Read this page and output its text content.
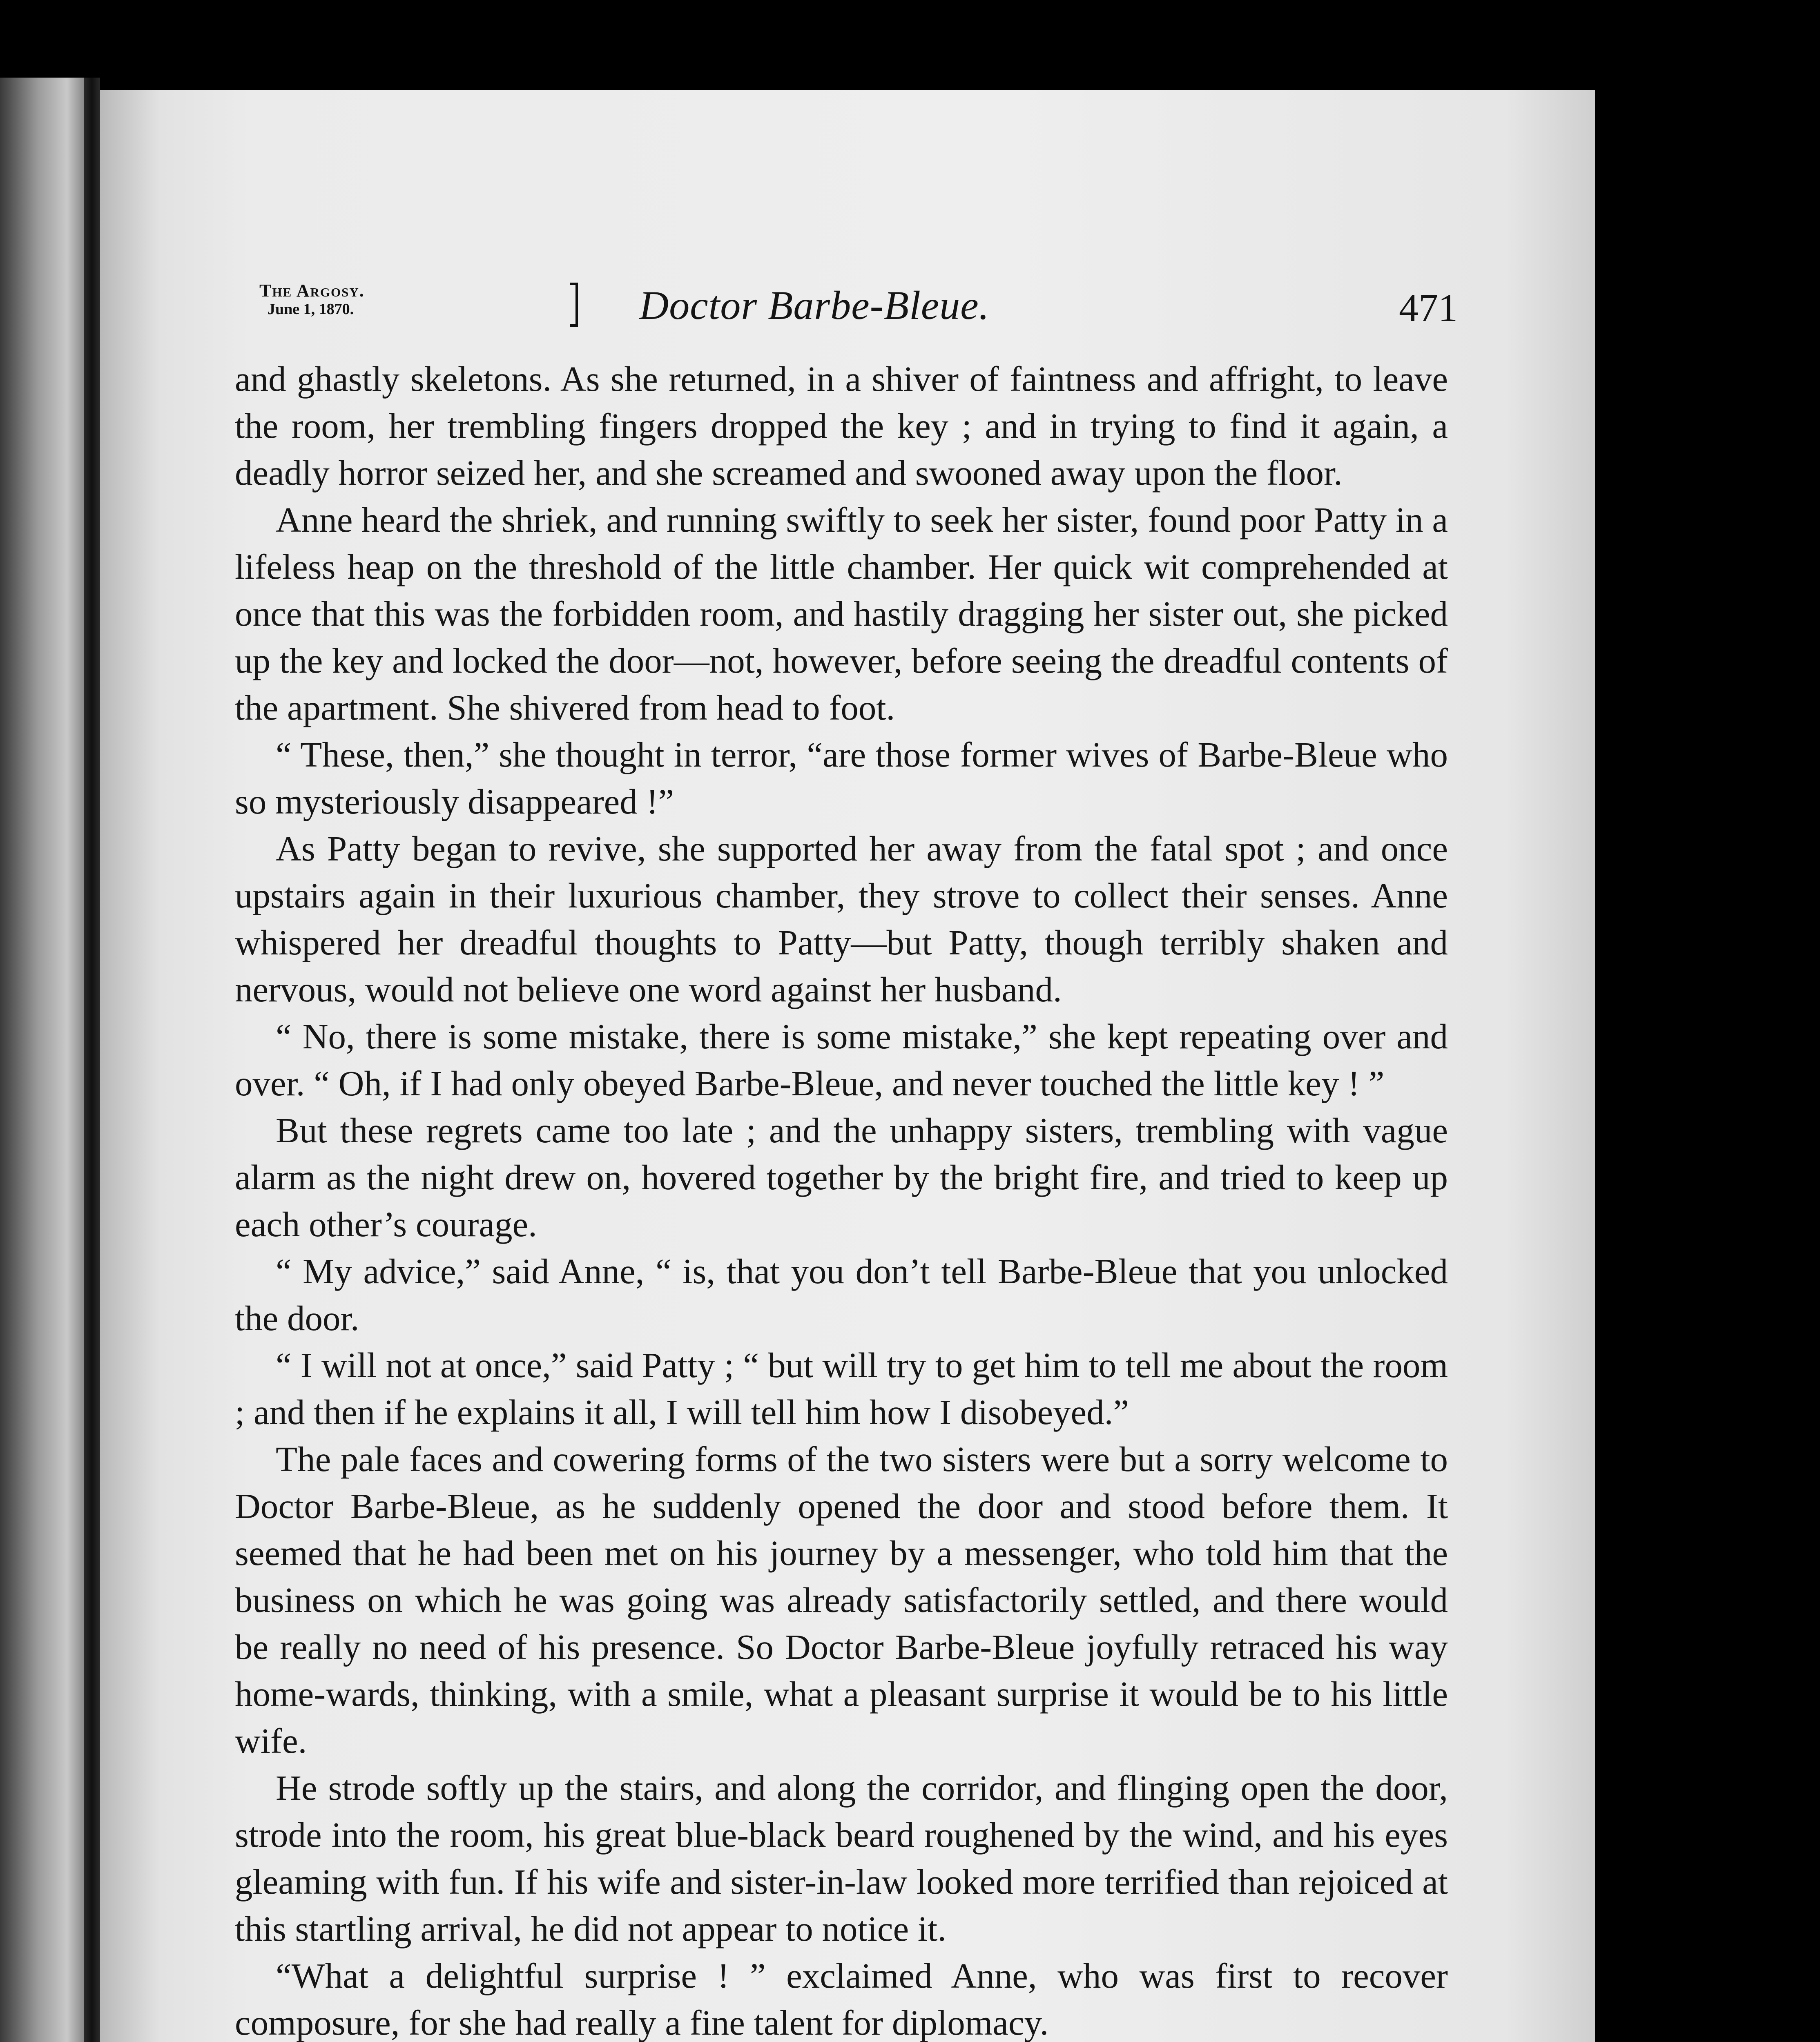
The Argosy.
June 1, 1870.	Doctor Barbe-Bleue.	471

and ghastly skeletons. As she returned, in a shiver of faintness and affright, to leave the room, her trembling fingers dropped the key ; and in trying to find it again, a deadly horror seized her, and she screamed and swooned away upon the floor.

Anne heard the shriek, and running swiftly to seek her sister, found poor Patty in a lifeless heap on the threshold of the little chamber. Her quick wit comprehended at once that this was the forbidden room, and hastily dragging her sister out, she picked up the key and locked the door—not, however, before seeing the dreadful contents of the apartment. She shivered from head to foot.

“ These, then,” she thought in terror, “are those former wives of Barbe-Bleue who so mysteriously disappeared !”

As Patty began to revive, she supported her away from the fatal spot ; and once upstairs again in their luxurious chamber, they strove to collect their senses. Anne whispered her dreadful thoughts to Patty—but Patty, though terribly shaken and nervous, would not believe one word against her husband.

“ No, there is some mistake, there is some mistake,” she kept repeating over and over. “ Oh, if I had only obeyed Barbe-Bleue, and never touched the little key ! ”

But these regrets came too late ; and the unhappy sisters, trembling with vague alarm as the night drew on, hovered together by the bright fire, and tried to keep up each other’s courage.

“ My advice,” said Anne, “ is, that you don’t tell Barbe-Bleue that you unlocked the door.

“ I will not at once,” said Patty ; “ but will try to get him to tell me about the room ; and then if he explains it all, I will tell him how I disobeyed.”

The pale faces and cowering forms of the two sisters were but a sorry welcome to Doctor Barbe-Bleue, as he suddenly opened the door and stood before them. It seemed that he had been met on his journey by a messenger, who told him that the business on which he was going was already satisfactorily settled, and there would be really no need of his presence. So Doctor Barbe-Bleue joyfully retraced his way home-wards, thinking, with a smile, what a pleasant surprise it would be to his little wife.

He strode softly up the stairs, and along the corridor, and flinging open the door, strode into the room, his great blue-black beard roughened by the wind, and his eyes gleaming with fun. If his wife and sister-in-law looked more terrified than rejoiced at this startling arrival, he did not appear to notice it.

“What a delightful surprise ! ” exclaimed Anne, who was first to recover composure, for she had really a fine talent for diplomacy.
